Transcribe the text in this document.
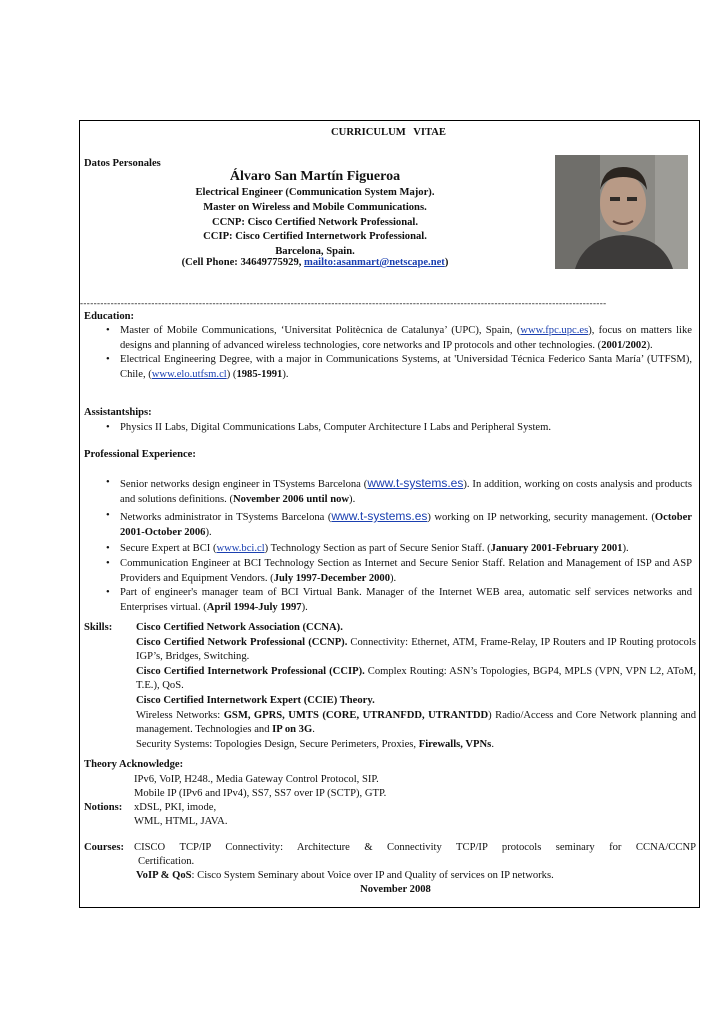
CURRICULUM VITAE
Datos Personales
Álvaro San Martín Figueroa
Electrical Engineer (Communication System Major).
Master on Wireless and Mobile Communications.
CCNP: Cisco Certified Network Professional.
CCIP: Cisco Certified Internetwork Professional.
Barcelona, Spain.
(Cell Phone: 34649775929, mailto:asanmart@netscape.net)
-----------------------------------------------------------------------------------------------------------------------------------------------------------
Education:
• Master of Mobile Communications, ‘Universitat Politècnica de Catalunya’ (UPC), Spain, (www.fpc.upc.es), focus on matters like designs and planning of advanced wireless technologies, core networks and IP protocols and other technologies. (2001/2002).
• Electrical Engineering Degree, with a major in Communications Systems, at 'Universidad Técnica Federico Santa María’ (UTFSM), Chile, (www.elo.utfsm.cl) (1985-1991).
Assistantships:
• Physics II Labs, Digital Communications Labs, Computer Architecture I Labs and Peripheral System.
Professional Experience:
• Senior networks design engineer in TSystems Barcelona (www.t-systems.es). In addition, working on costs analysis and products and solutions definitions. (November 2006 until now).
• Networks administrator in TSystems Barcelona (www.t-systems.es) working on IP networking, security management. (October 2001-October 2006).
• Secure Expert at BCI (www.bci.cl) Technology Section as part of Secure Senior Staff. (January 2001-February 2001).
• Communication Engineer at BCI Technology Section as Internet and Secure Senior Staff. Relation and Management of ISP and ASP Providers and Equipment Vendors. (July 1997-December 2000).
• Part of engineer's manager team of BCI Virtual Bank. Manager of the Internet WEB area, automatic self services networks and Enterprises virtual. (April 1994-July 1997).
Skills: Cisco Certified Network Association (CCNA).
Cisco Certified Network Professional (CCNP). Connectivity: Ethernet, ATM, Frame-Relay, IP Routers and IP Routing protocols IGP’s, Bridges, Switching.
Cisco Certified Internetwork Professional (CCIP). Complex Routing: ASN’s Topologies, BGP4, MPLS (VPN, VPN L2, AToM, T.E.), QoS.
Cisco Certified Internetwork Expert (CCIE) Theory.
Wireless Networks: GSM, GPRS, UMTS (CORE, UTRANFDD, UTRANTDD) Radio/Access and Core Network planning and management. Technologies and IP on 3G.
Security Systems: Topologies Design, Secure Perimeters, Proxies, Firewalls, VPNs.
Theory Acknowledge:
IPv6, VoIP, H248., Media Gateway Control Protocol, SIP.
Mobile IP (IPv6 and IPv4), SS7, SS7 over IP (SCTP), GTP.
Notions: xDSL, PKI, imode,
WML, HTML, JAVA.
Courses: CISCO TCP/IP Connectivity: Architecture & Connectivity TCP/IP protocols seminary for CCNA/CCNP
Certification.
VoIP & QoS: Cisco System Seminary about Voice over IP and Quality of services on IP networks.
November 2008
